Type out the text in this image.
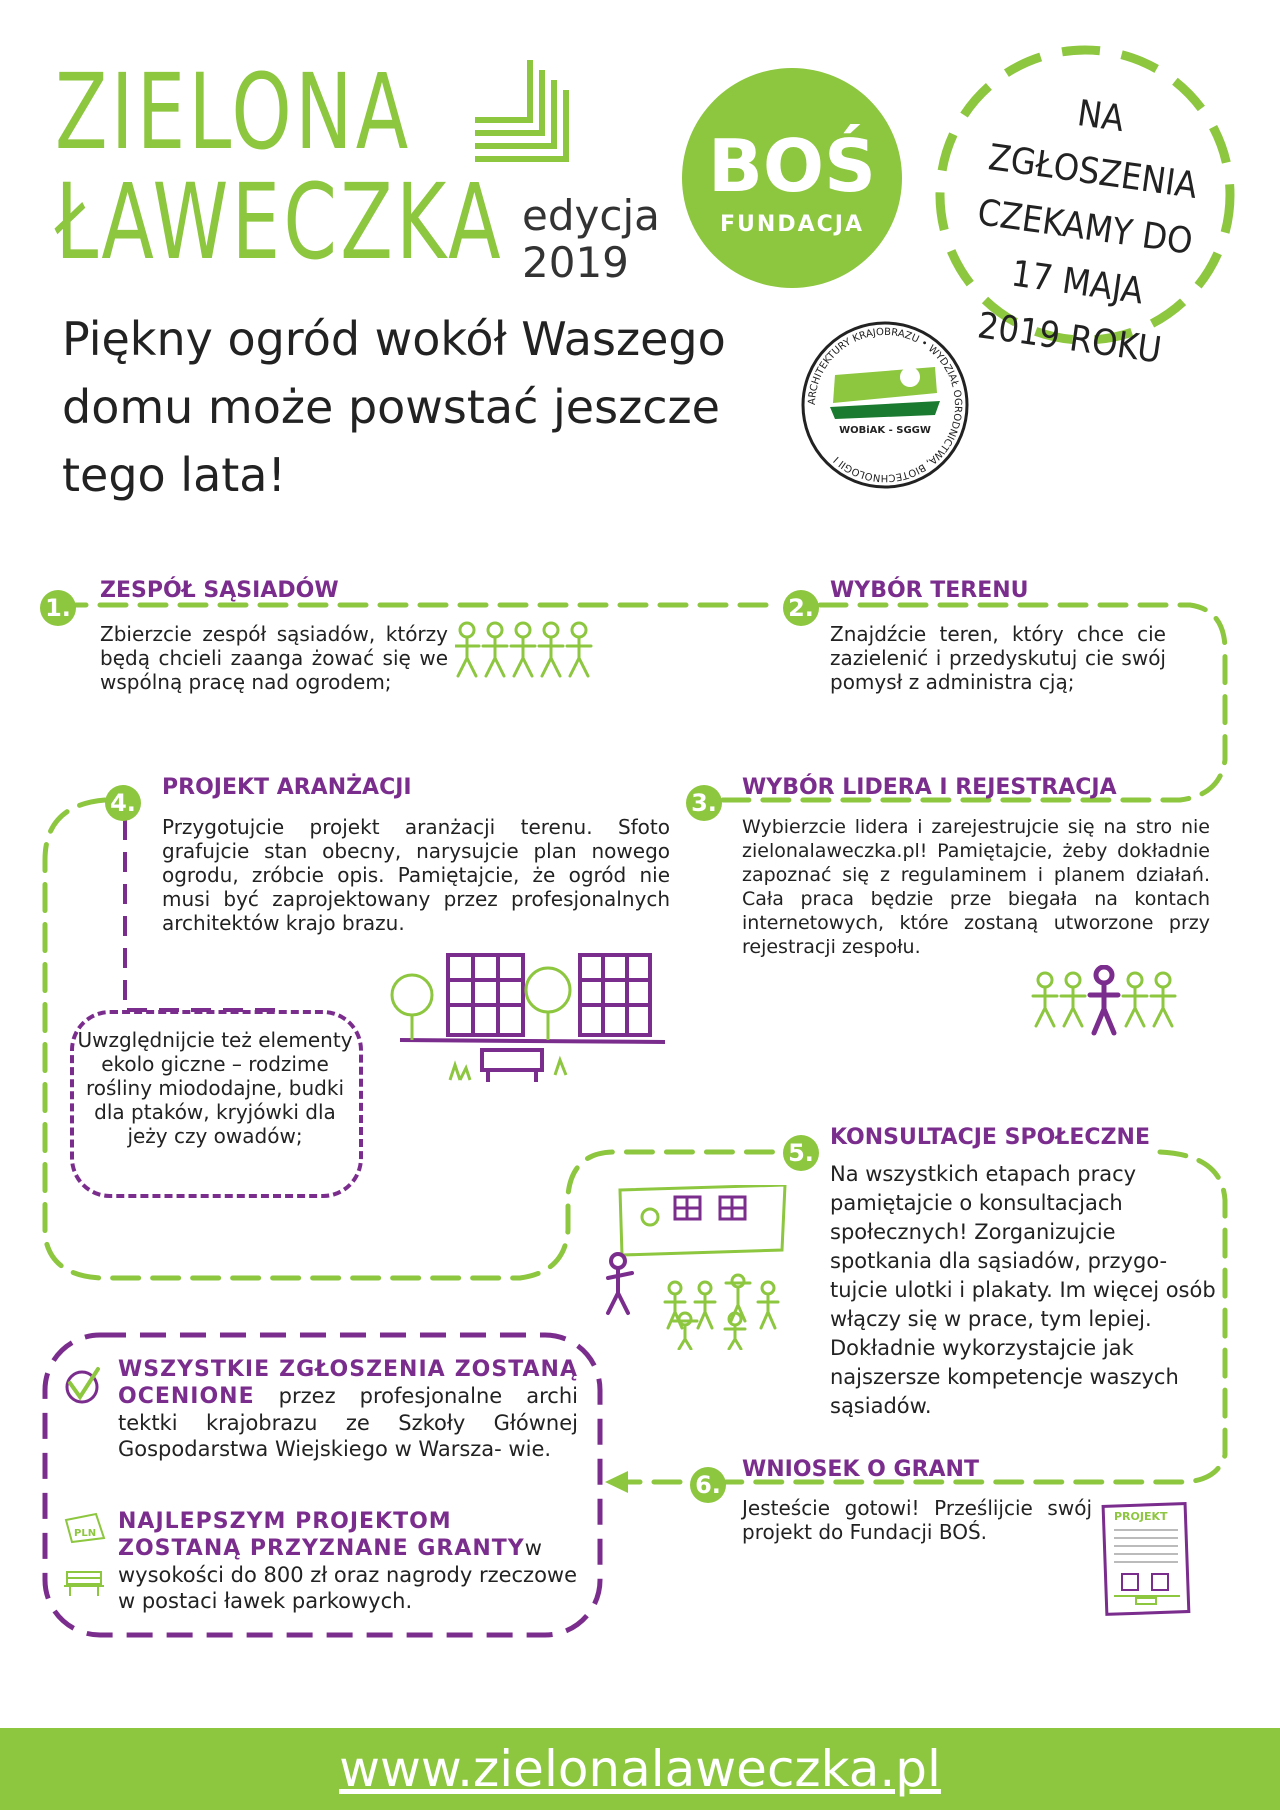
ZIELONA
ŁAWECZKA edycja
2019
Piękny ogród wokół Waszego domu może powstać jeszcze tego lata!
BOŚ
FUNDACJA
NA ZGŁOSZENIA
CZEKAMY DO
17 MAJA
2019 ROKU
ARCHITEKTURY KRAJOBRAZU • WYDZIAŁ OGRODNICTWA, BIOTECHNOLOGII I
WOBiAK - SGGW
1.
ZESPÓŁ SĄSIADÓW
Zbierzcie zespół sąsiadów, którzy będą chcieli zaanga żować się we wspólną pracę nad ogrodem;
2.
WYBÓR TERENU
Znajdźcie teren, który chce cie zazielenić i przedyskutuj cie swój pomysł z administra cją;
4.
PROJEKT ARANŻACJI
Przygotujcie projekt aranżacji terenu. Sfoto grafujcie stan obecny, narysujcie plan nowego ogrodu, zróbcie opis. Pamiętajcie, że ogród nie musi być zaprojektowany przez profesjonalnych architektów krajo brazu.
Uwzględnijcie też elementy ekolo giczne – rodzime rośliny miododajne, budki dla ptaków, kryjówki dla jeży czy owadów;
3.
WYBÓR LIDERA I REJESTRACJA
Wybierzcie lidera i zarejestrujcie się na stro nie zielonalaweczka.pl! Pamiętajcie, żeby dokładnie zapoznać się z regulaminem i planem działań. Cała praca będzie prze biegała na kontach internetowych, które zostaną utworzone przy rejestracji zespołu.
5.
KONSULTACJE SPOŁECZNE
Na wszystkich etapach pracy pamiętajcie o konsultacjach społecznych! Zorganizujcie spotkania dla sąsiadów, przygo- tujcie ulotki i plakaty. Im więcej osób włączy się w prace, tym lepiej. Dokładnie wykorzystajcie jak najszersze kompetencje waszych sąsiadów.
6.
WNIOSEK O GRANT
Jesteście gotowi! Prześlijcie swój projekt do Fundacji BOŚ.
PROJEKT
WSZYSTKIE ZGŁOSZENIA ZOSTANĄ OCENIONE przez profesjonalne archi tektki krajobrazu ze Szkoły Głównej Gospodarstwa Wiejskiego w Warsza- wie.
PLN NAJLEPSZYM PROJEKTOM ZOSTANĄ PRZYZNANE GRANTYw wysokości do 800 zł oraz nagrody rzeczowe w postaci ławek parkowych.
www.zielonalaweczka.pl
